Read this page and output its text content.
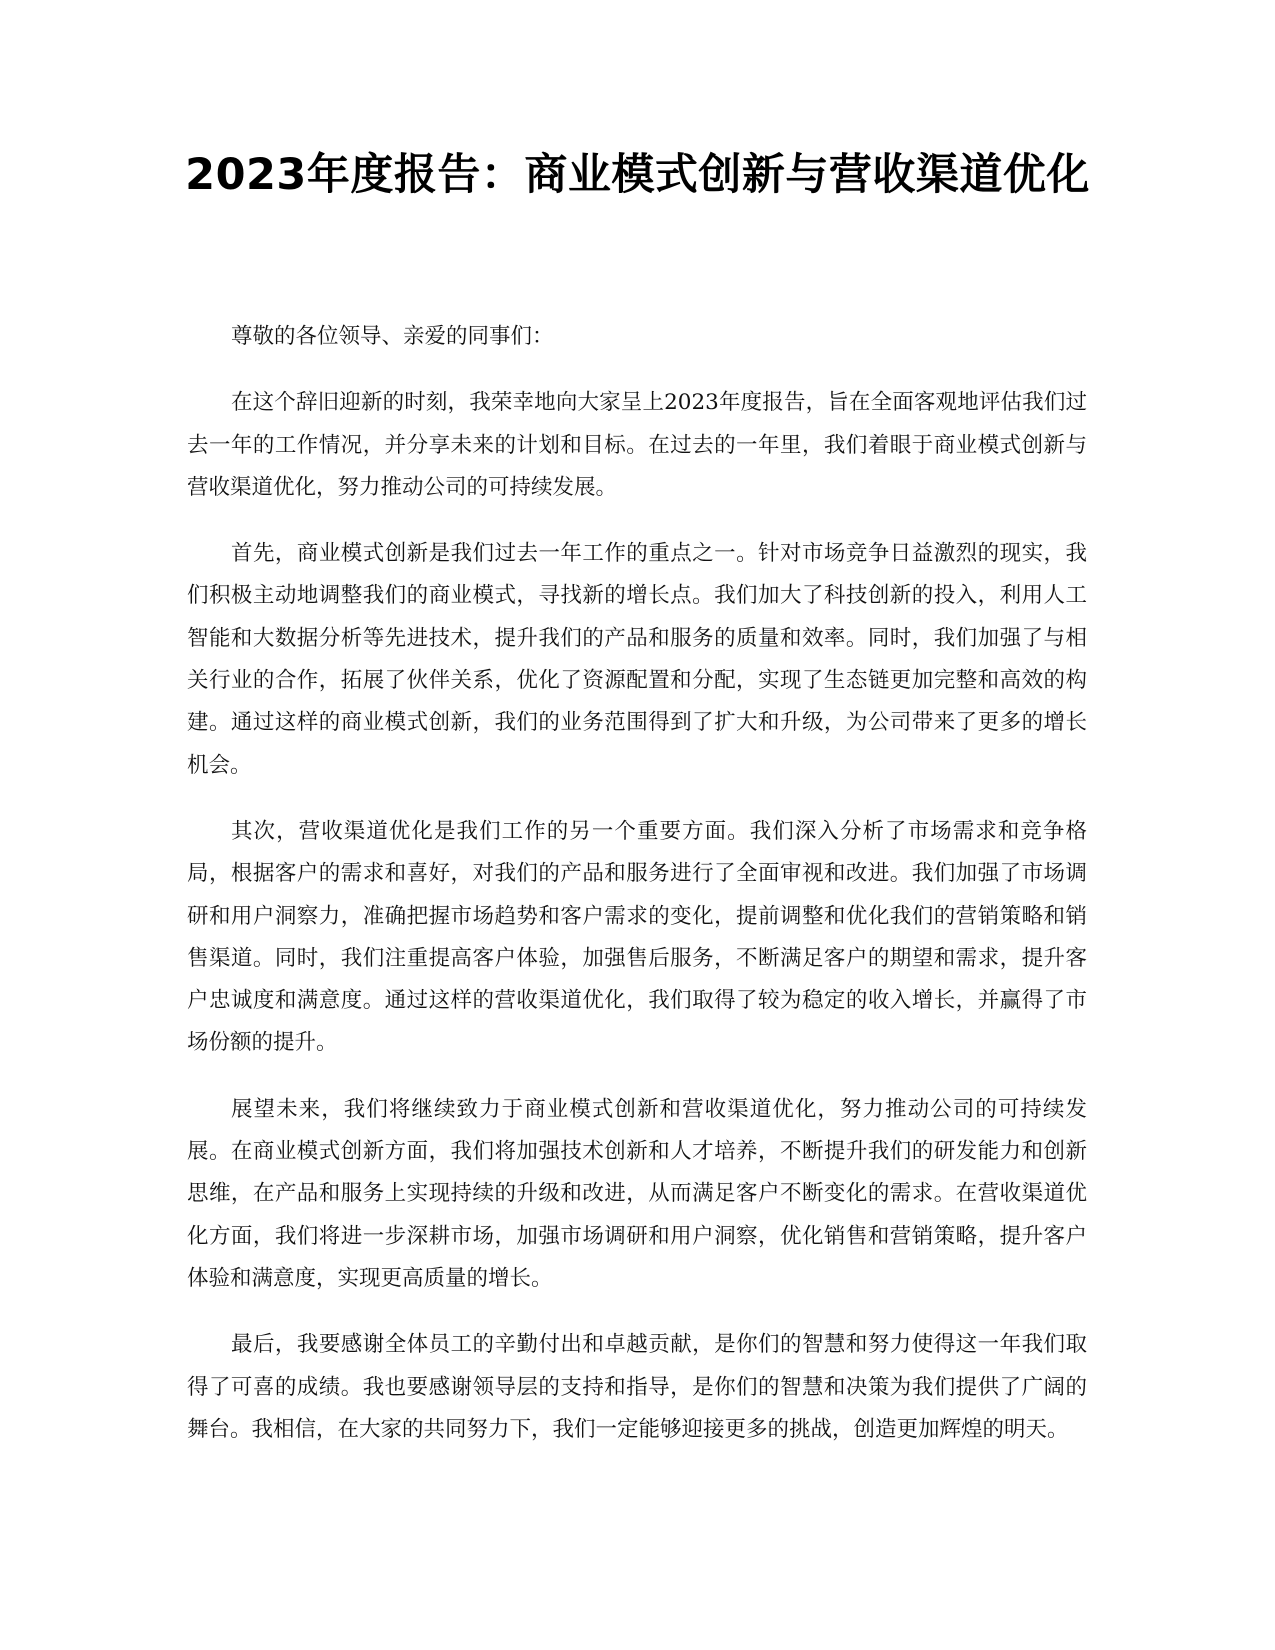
2023年度报告：商业模式创新与营收渠道优化

尊敬的各位领导、亲爱的同事们：

在这个辞旧迎新的时刻，我荣幸地向大家呈上2023年度报告，旨在全面客观地评估我们过去一年的工作情况，并分享未来的计划和目标。在过去的一年里，我们着眼于商业模式创新与营收渠道优化，努力推动公司的可持续发展。

首先，商业模式创新是我们过去一年工作的重点之一。针对市场竞争日益激烈的现实，我们积极主动地调整我们的商业模式，寻找新的增长点。我们加大了科技创新的投入，利用人工智能和大数据分析等先进技术，提升我们的产品和服务的质量和效率。同时，我们加强了与相关行业的合作，拓展了伙伴关系，优化了资源配置和分配，实现了生态链更加完整和高效的构建。通过这样的商业模式创新，我们的业务范围得到了扩大和升级，为公司带来了更多的增长机会。

其次，营收渠道优化是我们工作的另一个重要方面。我们深入分析了市场需求和竞争格局，根据客户的需求和喜好，对我们的产品和服务进行了全面审视和改进。我们加强了市场调研和用户洞察力，准确把握市场趋势和客户需求的变化，提前调整和优化我们的营销策略和销售渠道。同时，我们注重提高客户体验，加强售后服务，不断满足客户的期望和需求，提升客户忠诚度和满意度。通过这样的营收渠道优化，我们取得了较为稳定的收入增长，并赢得了市场份额的提升。

展望未来，我们将继续致力于商业模式创新和营收渠道优化，努力推动公司的可持续发展。在商业模式创新方面，我们将加强技术创新和人才培养，不断提升我们的研发能力和创新思维，在产品和服务上实现持续的升级和改进，从而满足客户不断变化的需求。在营收渠道优化方面，我们将进一步深耕市场，加强市场调研和用户洞察，优化销售和营销策略，提升客户体验和满意度，实现更高质量的增长。

最后，我要感谢全体员工的辛勤付出和卓越贡献，是你们的智慧和努力使得这一年我们取得了可喜的成绩。我也要感谢领导层的支持和指导，是你们的智慧和决策为我们提供了广阔的舞台。我相信，在大家的共同努力下，我们一定能够迎接更多的挑战，创造更加辉煌的明天。
